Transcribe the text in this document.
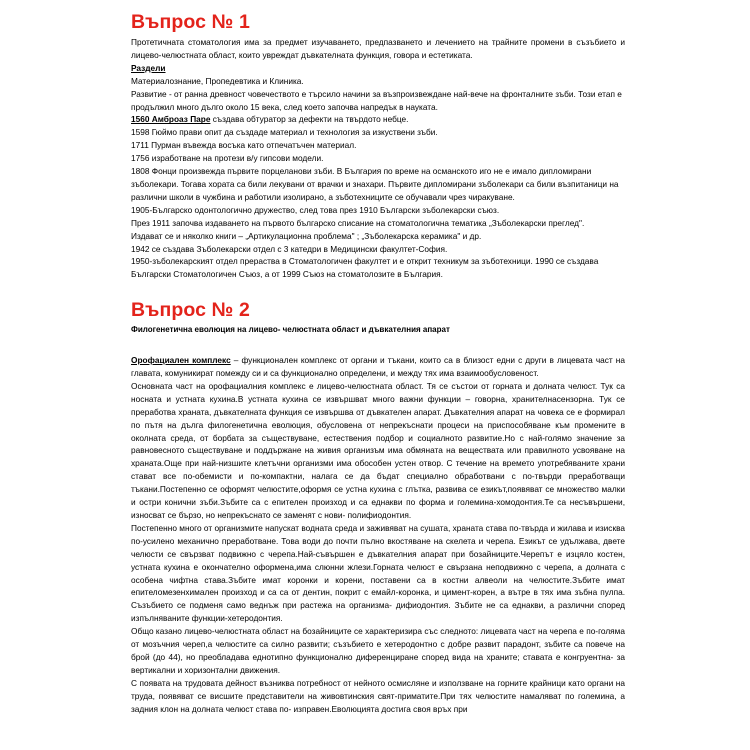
Въпрос № 1

Протетичната стоматология има за предмет изучаването, предпазването и лечението на трайните промени в съзъбието и лицево-челюстната област, които увреждат дъвкателната функция, говора и естетиката.

Раздели

Материалознание, Пропедевтика и Клиника.

Развитие - от ранна древност човечеството е търсило начини за възпроизвеждане най-вече на фронталните зъби. Този етап е продължил много дълго около 15 века, след което започва напредък в науката.

1560 Амброаз Паре създава обтуратор за дефекти на твърдото небце.

1598 Гюймо прави опит да създаде материал и технология за изкуствени зъби.

1711 Пурман въвежда восъка като отпечатъчен материал.

1756 изработване на протези в/у гипсови модели.

1808 Фонци произвежда първите порцеланови зъби. В България по време на османското иго не е имало дипломирани зъболекари. Тогава хората са били лекувани от врачки и знахари. Първите дипломирани зъболекари са били възпитаници на различни школи в чужбина и работили изолирано, а зъботехниците се обучавали чрез чиракуване.

1905-Българско одонтологично дружество, след това през 1910 Български зъболекарски съюз.

През 1911 започва издаването на първото българско списание на стоматологична тематика „Зъболекарски преглед".

Издават се и няколко книги – „Артикулационна проблема" ; „Зъболекарска керамика" и др.

1942 се създава Зъболекарски отдел с 3 катедри в Медицински факултет-София.

1950-зъболекарският отдел прераства в Стоматологичен факултет и е открит техникум за зъботехници. 1990 се създава Български Стоматологичен Съюз, а от 1999 Съюз на стоматолозите в България.

Въпрос № 2

Филогенетична еволюция на лицево- челюстната област и дъвкателния апарат

Орофациален комплекс – функционален комплекс от органи и тъкани, които са в близост едни с други в лицевата част на главата, комуникират помежду си и са функционално определени, и между тях има взаимообусловеност.

Основната част на орофациалния комплекс е лицево-челюстната област. Тя се състои от горната и долната челюст. Тук са носната и устната кухина.В устната кухина се извършват много важни функции – говорна, хранителнасензорна. Тук се преработва храната, дъвкателната функция се извършва от дъвкателен апарат. Дъвкателния апарат на човека се е формирал по пътя на дълга филогенетична еволюция, обусловена от непрекъснати процеси на приспособяване към промените в околната среда, от борбата за съществуване, естествения подбор и социалното развитие.Но с най-голямо значение за равновесното съществуване и поддържане на живия организъм има обмяната на веществата или правилното усвояване на храната.Още при най-низшите клетъчни организми има обособен устен отвор. С течение на времето употребяваните храни стават все по-обемисти и по-компактни, налага се да бъдат специално обработвани с по-твърди преработващи тъкани.Постепенно се оформят челюстите,оформя се устна кухина с глътка, развива се езикът,появяват се множество малки и остри конични зъби.Зъбите са с епителен произход и са еднакви по форма и големина-хомодонтия.Те са несъвършени, износват се бързо, но непрекъснато се заменят с нови- полифиодонтия.

Постепенно много от организмите напускат водната среда и заживяват на сушата, храната става по-твърда и жилава и изисква по-усилено механично преработване. Това води до почти пълно вкостяване на скелета и черепа. Езикът се удължава, двете челюсти се свързват подвижно с черепа.Най-съвършен е дъвкателния апарат при бозайниците.Черепът е изцяло костен, устната кухина е окончателно оформена,има слюнни жлези.Горната челюст е свързана неподвижно с черепа, а долната с особена чифтна става.Зъбите имат коронки и корени, поставени са в костни алвеоли на челюстите.Зъбите имат епителомезенхимален произход и са са от дентин, покрит с емайл-коронка, и цимент-корен, а вътре в тях има зъбна пулпа. Съзъбието се подменя само веднъж при растежа на организма- дифиодонтия. Зъбите не са еднакви, а различни според изпълняваните функции-хетеродонтия.

Общо казано лицево-челюстната област на бозайниците се характеризира със следното: лицевата част на черепа е по-голяма от мозъчния череп,а челюстите са силно развити; съзъбието е хетеродонтно с добре развит парадонт, зъбите са повече на брой (до 44), но преобладава еднотипно функционално диференциране според вида на храните; ставата е конгруентна- за вертикални и хоризонтални движения.

С появата на трудовата дейност възниква потребност от нейното осмисляне и използване на горните крайници като органи на труда, появяват се висшите представители на живовтинския свят-приматите.При тях челюстите намаляват по големина, а задния клон на долната челюст става по- изправен.Еволюцията достига своя връх при
